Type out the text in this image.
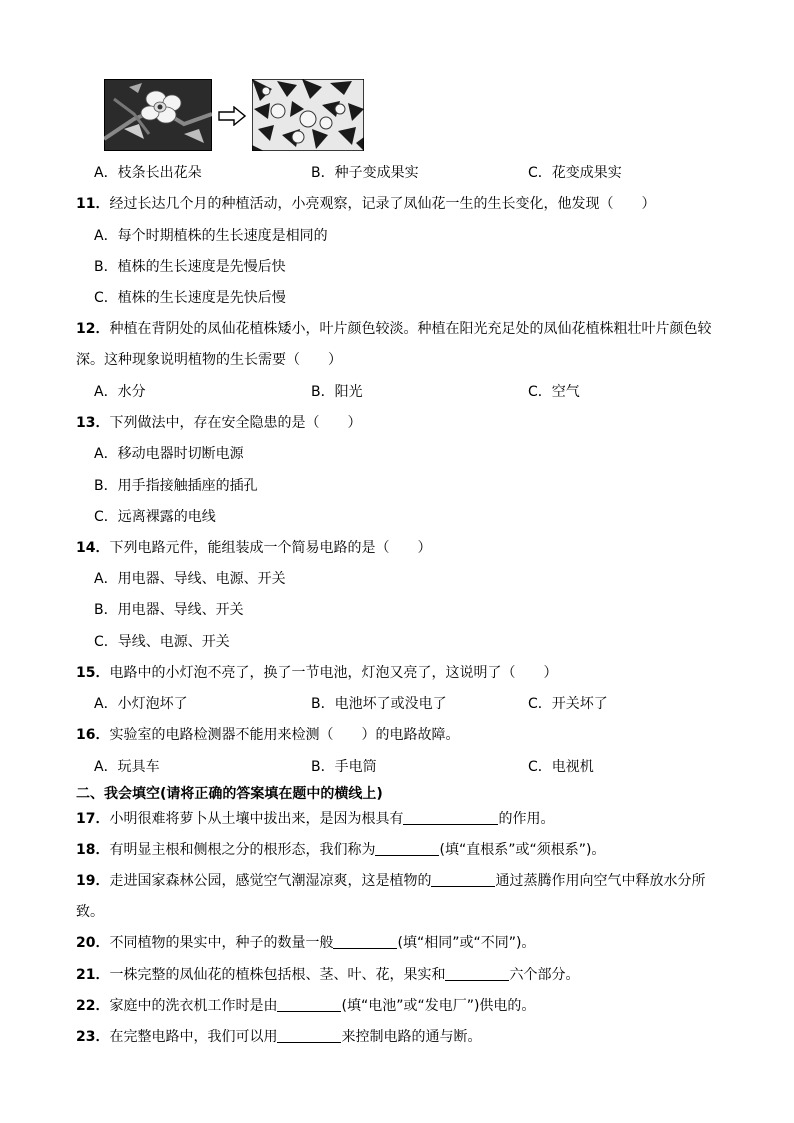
A．枝条长出花朵	B．种子变成果实	C．花变成果实
11．经过长达几个月的种植活动，小亮观察，记录了凤仙花一生的生长变化，他发现（　　）
A．每个时期植株的生长速度是相同的
B．植株的生长速度是先慢后快
C．植株的生长速度是先快后慢
12．种植在背阴处的凤仙花植株矮小，叶片颜色较淡。种植在阳光充足处的凤仙花植株粗壮叶片颜色较
深。这种现象说明植物的生长需要（　　）
A．水分	B．阳光	C．空气
13．下列做法中，存在安全隐患的是（　　）
A．移动电器时切断电源
B．用手指接触插座的插孔
C．远离裸露的电线
14．下列电路元件，能组装成一个简易电路的是（　　）
A．用电器、导线、电源、开关
B．用电器、导线、开关
C．导线、电源、开关
15．电路中的小灯泡不亮了，换了一节电池，灯泡又亮了，这说明了（　　）
A．小灯泡坏了	B．电池坏了或没电了	C．开关坏了
16．实验室的电路检测器不能用来检测（　　）的电路故障。
A．玩具车	B．手电筒	C．电视机
二、我会填空(请将正确的答案填在题中的横线上)
17．小明很难将萝卜从土壤中拔出来，是因为根具有	的作用。
18．有明显主根和侧根之分的根形态，我们称为	(填“直根系”或“须根系”)。
19．走进国家森林公园，感觉空气潮湿凉爽，这是植物的	通过蒸腾作用向空气中释放水分所
致。
20．不同植物的果实中，种子的数量一般	(填“相同”或“不同”)。
21．一株完整的凤仙花的植株包括根、茎、叶、花，果实和	六个部分。
22．家庭中的洗衣机工作时是由	(填“电池”或“发电厂”)供电的。
23．在完整电路中，我们可以用	来控制电路的通与断。
